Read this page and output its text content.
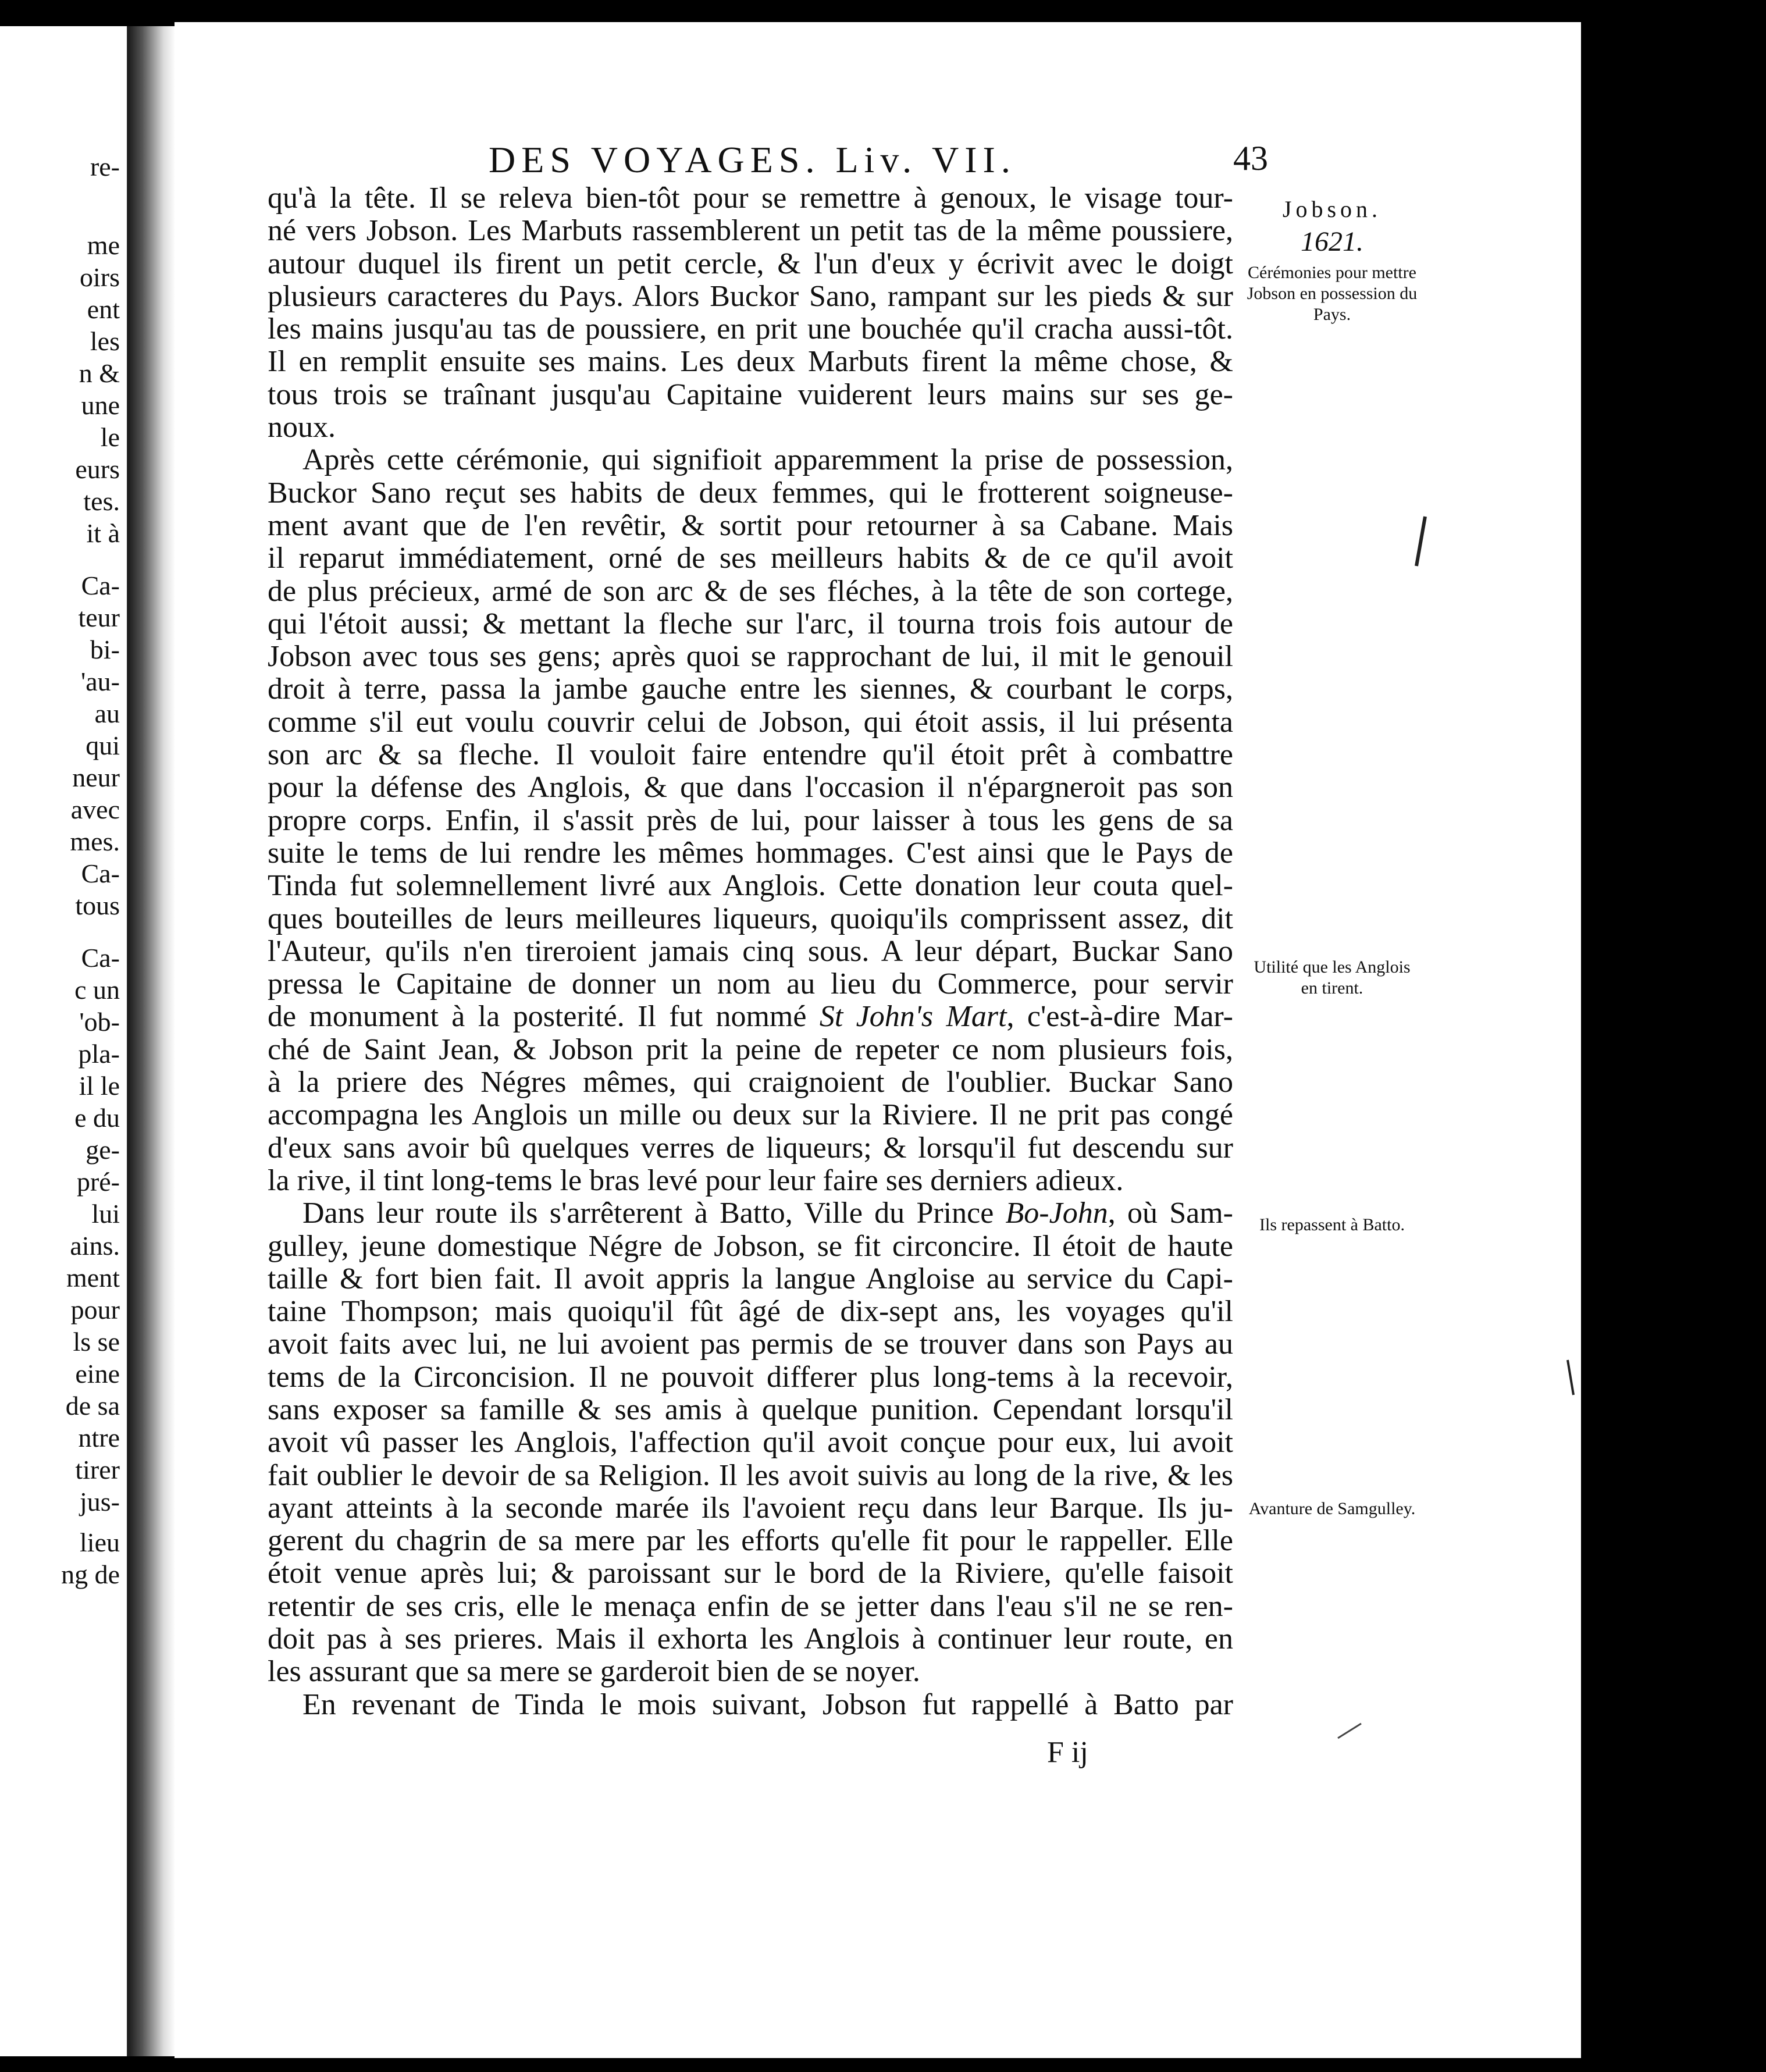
re-
me
oirs
ent
les
n &
une
le
eurs
tes.
it à
Ca-
teur
bi-
'au-
au
qui
neur
avec
mes.
Ca-
tous
Ca-
c un
'ob-
pla-
il le
e du
ge-
pré-
lui
ains.
ment
pour
ls se
eine
de sa
ntre
tirer
jus-
lieu
ng de
DES VOYAGES. Liv. VII.	43
Jobson.
1621.
Cérémonies pour mettre Jobson en possession du Pays.
Utilité que les Anglois en tirent.
Ils repassent à Batto.
Avanture de Samgulley.
qu'à la tête. Il se releva bien-tôt pour se remettre à genoux, le visage tour-
né vers Jobson. Les Marbuts rassemblerent un petit tas de la même poussiere,
autour duquel ils firent un petit cercle, & l'un d'eux y écrivit avec le doigt
plusieurs caracteres du Pays. Alors Buckor Sano, rampant sur les pieds & sur
les mains jusqu'au tas de poussiere, en prit une bouchée qu'il cracha aussi-tôt.
Il en remplit ensuite ses mains. Les deux Marbuts firent la même chose, &
tous trois se traînant jusqu'au Capitaine vuiderent leurs mains sur ses ge-
noux.
Après cette cérémonie, qui signifioit apparemment la prise de possession,
Buckor Sano reçut ses habits de deux femmes, qui le frotterent soigneuse-
ment avant que de l'en revêtir, & sortit pour retourner à sa Cabane. Mais
il reparut immédiatement, orné de ses meilleurs habits & de ce qu'il avoit
de plus précieux, armé de son arc & de ses fléches, à la tête de son cortege,
qui l'étoit aussi; & mettant la fleche sur l'arc, il tourna trois fois autour de
Jobson avec tous ses gens; après quoi se rapprochant de lui, il mit le genouil
droit à terre, passa la jambe gauche entre les siennes, & courbant le corps,
comme s'il eut voulu couvrir celui de Jobson, qui étoit assis, il lui présenta
son arc & sa fleche. Il vouloit faire entendre qu'il étoit prêt à combattre
pour la défense des Anglois, & que dans l'occasion il n'épargneroit pas son
propre corps. Enfin, il s'assit près de lui, pour laisser à tous les gens de sa
suite le tems de lui rendre les mêmes hommages. C'est ainsi que le Pays de
Tinda fut solemnellement livré aux Anglois. Cette donation leur couta quel-
ques bouteilles de leurs meilleures liqueurs, quoiqu'ils comprissent assez, dit
l'Auteur, qu'ils n'en tireroient jamais cinq sous. A leur départ, Buckar Sano
pressa le Capitaine de donner un nom au lieu du Commerce, pour servir
de monument à la posterité. Il fut nommé St John's Mart, c'est-à-dire Mar-
ché de Saint Jean, & Jobson prit la peine de repeter ce nom plusieurs fois,
à la priere des Négres mêmes, qui craignoient de l'oublier. Buckar Sano
accompagna les Anglois un mille ou deux sur la Riviere. Il ne prit pas congé
d'eux sans avoir bû quelques verres de liqueurs; & lorsqu'il fut descendu sur
la rive, il tint long-tems le bras levé pour leur faire ses derniers adieux.
Dans leur route ils s'arrêterent à Batto, Ville du Prince Bo-John, où Sam-
gulley, jeune domestique Négre de Jobson, se fit circoncire. Il étoit de haute
taille & fort bien fait. Il avoit appris la langue Angloise au service du Capi-
taine Thompson; mais quoiqu'il fût âgé de dix-sept ans, les voyages qu'il
avoit faits avec lui, ne lui avoient pas permis de se trouver dans son Pays au
tems de la Circoncision. Il ne pouvoit differer plus long-tems à la recevoir,
sans exposer sa famille & ses amis à quelque punition. Cependant lorsqu'il
avoit vû passer les Anglois, l'affection qu'il avoit conçue pour eux, lui avoit
fait oublier le devoir de sa Religion. Il les avoit suivis au long de la rive, & les
ayant atteints à la seconde marée ils l'avoient reçu dans leur Barque. Ils ju-
gerent du chagrin de sa mere par les efforts qu'elle fit pour le rappeller. Elle
étoit venue après lui; & paroissant sur le bord de la Riviere, qu'elle faisoit
retentir de ses cris, elle le menaça enfin de se jetter dans l'eau s'il ne se ren-
doit pas à ses prieres. Mais il exhorta les Anglois à continuer leur route, en
les assurant que sa mere se garderoit bien de se noyer.
En revenant de Tinda le mois suivant, Jobson fut rappellé à Batto par
F ij
